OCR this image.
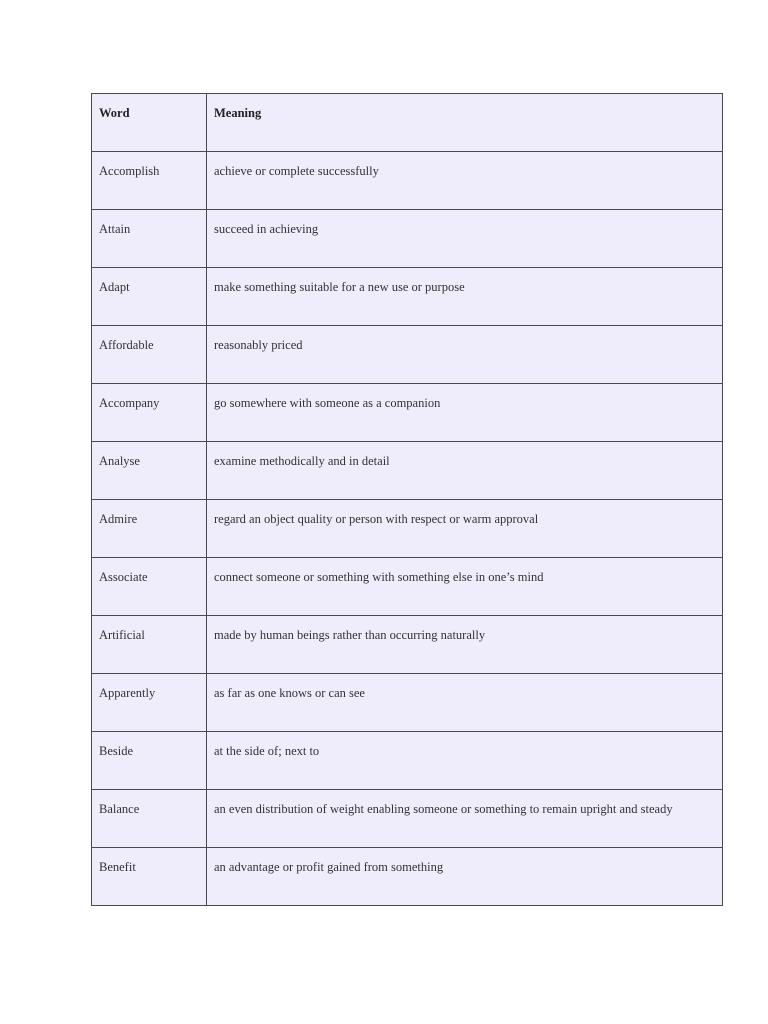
Word	Meaning

Accomplish	achieve or complete successfully

Attain	succeed in achieving

Adapt	make something suitable for a new use or purpose

Affordable	reasonably priced

Accompany	go somewhere with someone as a companion

Analyse	examine methodically and in detail

Admire	regard an object quality or person with respect or warm approval

Associate	connect someone or something with something else in one’s mind

Artificial	made by human beings rather than occurring naturally

Apparently	as far as one knows or can see

Beside	at the side of; next to

Balance	an even distribution of weight enabling someone or something to remain upright and steady

Benefit	an advantage or profit gained from something
